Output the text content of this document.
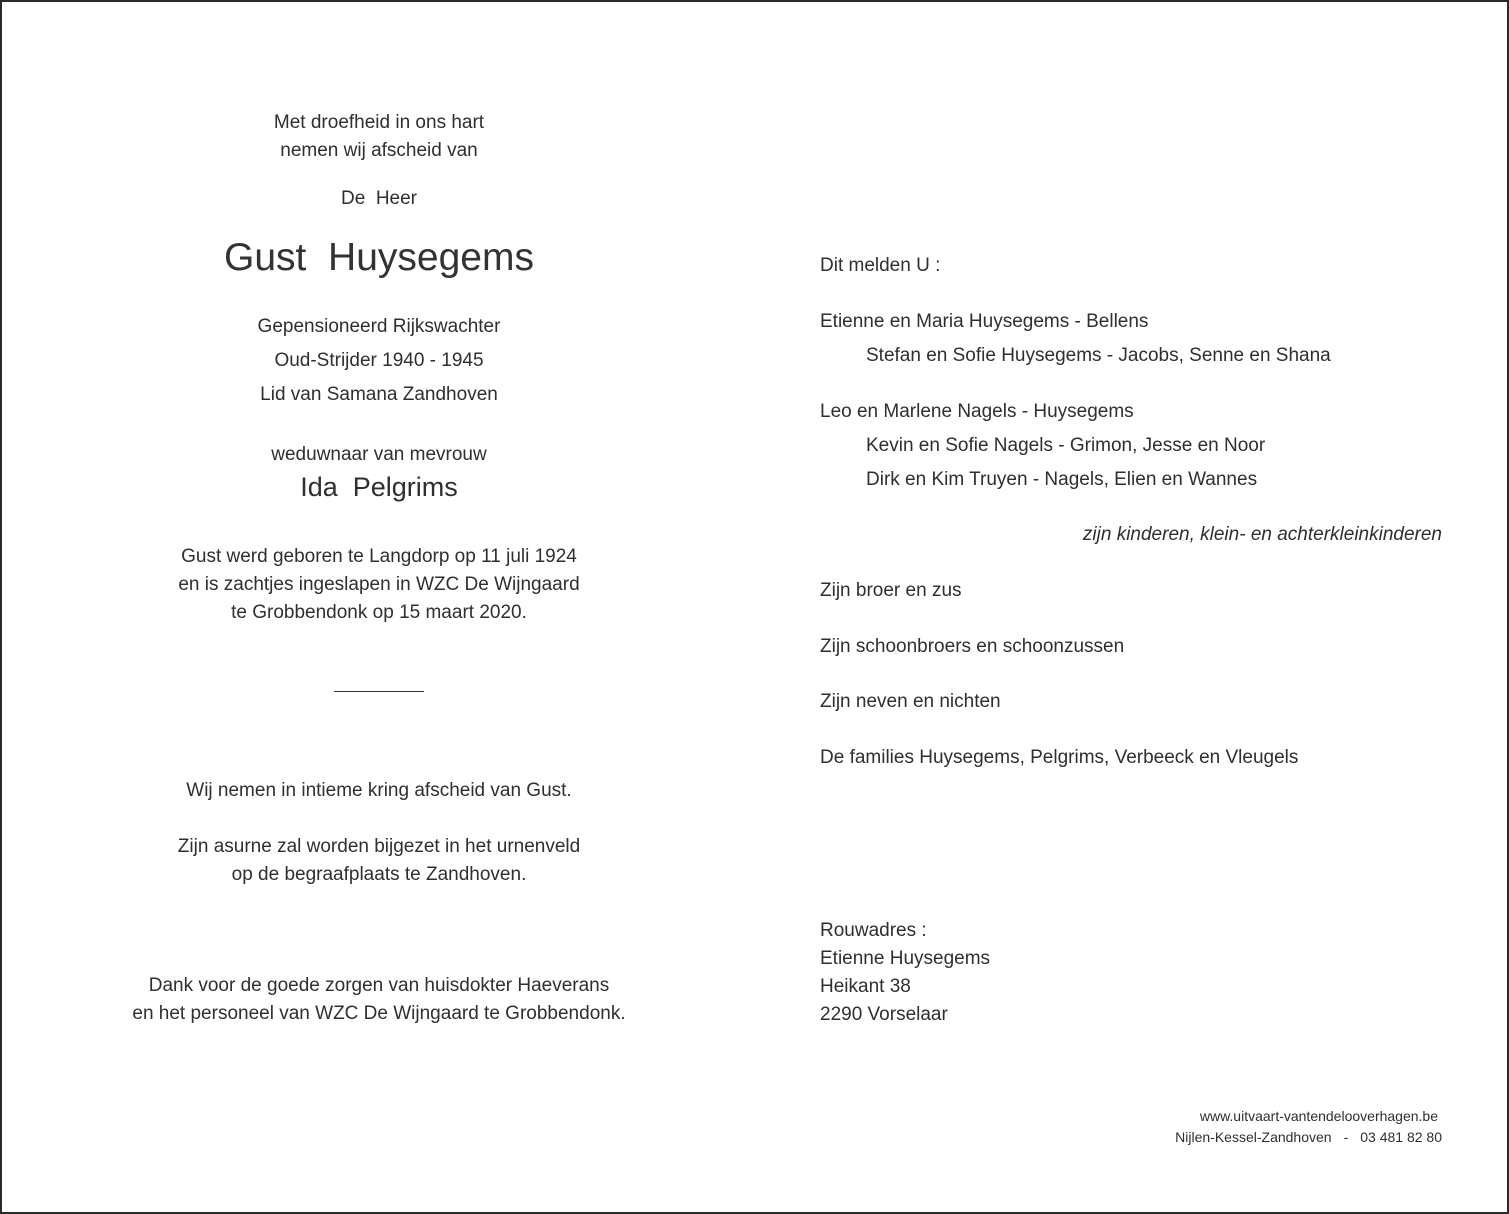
Met droefheid in ons hart
nemen wij afscheid van
De  Heer
Gust  Huysegems
Gepensioneerd Rijkswachter
Oud-Strijder 1940 - 1945
Lid van Samana Zandhoven
weduwnaar van mevrouw
Ida  Pelgrims
Gust werd geboren te Langdorp op 11 juli 1924
en is zachtjes ingeslapen in WZC De Wijngaard
te Grobbendonk op 15 maart 2020.
Wij nemen in intieme kring afscheid van Gust.
Zijn asurne zal worden bijgezet in het urnenveld
op de begraafplaats te Zandhoven.
Dank voor de goede zorgen van huisdokter Haeverans
en het personeel van WZC De Wijngaard te Grobbendonk.
Dit melden U :
Etienne en Maria Huysegems - Bellens
Stefan en Sofie Huysegems - Jacobs, Senne en Shana
Leo en Marlene Nagels - Huysegems
Kevin en Sofie Nagels - Grimon, Jesse en Noor
Dirk en Kim Truyen - Nagels, Elien en Wannes
zijn kinderen, klein- en achterkleinkinderen
Zijn broer en zus
Zijn schoonbroers en schoonzussen
Zijn neven en nichten
De families Huysegems, Pelgrims, Verbeeck en Vleugels
Rouwadres :
Etienne Huysegems
Heikant 38
2290 Vorselaar
www.uitvaart-vantendelooverhagen.be
Nijlen-Kessel-Zandhoven - 03 481 82 80
